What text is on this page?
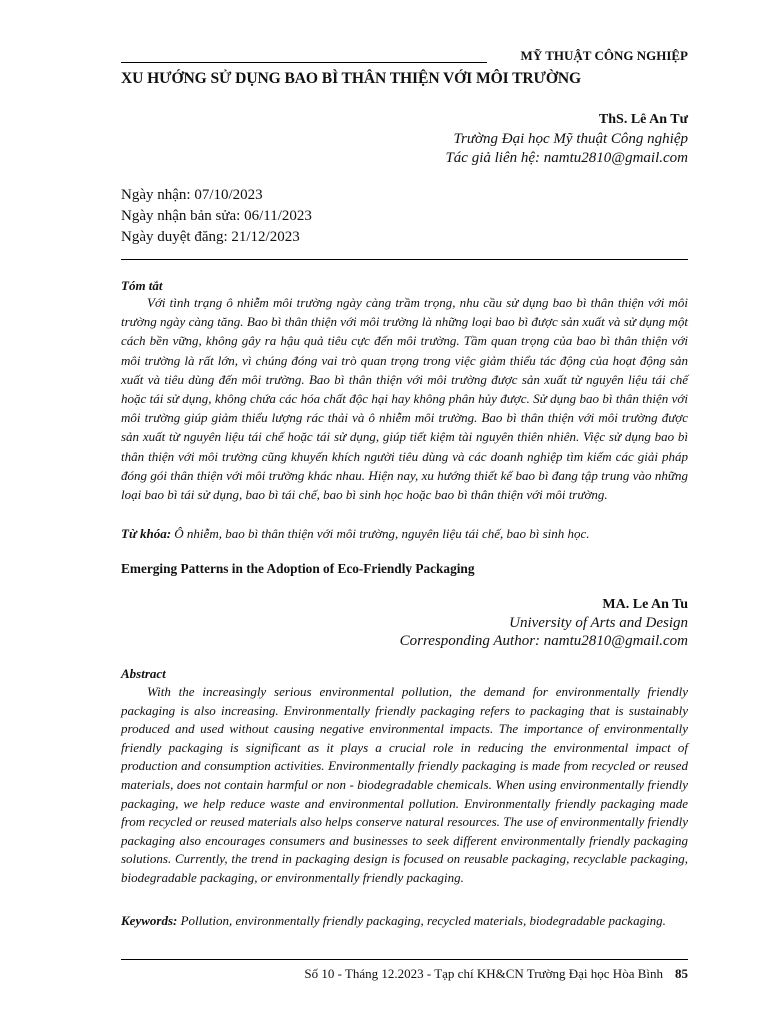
MỸ THUẬT CÔNG NGHIỆP
XU HƯỚNG SỬ DỤNG BAO BÌ THÂN THIỆN VỚI MÔI TRƯỜNG
ThS. Lê An Tư
Trường Đại học Mỹ thuật Công nghiệp
Tác giả liên hệ: namtu2810@gmail.com
Ngày nhận: 07/10/2023
Ngày nhận bản sửa: 06/11/2023
Ngày duyệt đăng: 21/12/2023
Tóm tắt
Với tình trạng ô nhiễm môi trường ngày càng trầm trọng, nhu cầu sử dụng bao bì thân thiện với môi trường ngày càng tăng. Bao bì thân thiện với môi trường là những loại bao bì được sản xuất và sử dụng một cách bền vững, không gây ra hậu quả tiêu cực đến môi trường. Tầm quan trọng của bao bì thân thiện với môi trường là rất lớn, vì chúng đóng vai trò quan trọng trong việc giảm thiểu tác động của hoạt động sản xuất và tiêu dùng đến môi trường. Bao bì thân thiện với môi trường được sản xuất từ nguyên liệu tái chế hoặc tái sử dụng, không chứa các hóa chất độc hại hay không phân hủy được. Sử dụng bao bì thân thiện với môi trường giúp giảm thiểu lượng rác thải và ô nhiễm môi trường. Bao bì thân thiện với môi trường được sản xuất từ nguyên liệu tái chế hoặc tái sử dụng, giúp tiết kiệm tài nguyên thiên nhiên. Việc sử dụng bao bì thân thiện với môi trường cũng khuyến khích người tiêu dùng và các doanh nghiệp tìm kiếm các giải pháp đóng gói thân thiện với môi trường khác nhau. Hiện nay, xu hướng thiết kế bao bì đang tập trung vào những loại bao bì tái sử dụng, bao bì tái chế, bao bì sinh học hoặc bao bì thân thiện với môi trường.
Từ khóa: Ô nhiễm, bao bì thân thiện với môi trường, nguyên liệu tái chế, bao bì sinh học.
Emerging Patterns in the Adoption of Eco-Friendly Packaging
MA. Le An Tu
University of Arts and Design
Corresponding Author: namtu2810@gmail.com
Abstract
With the increasingly serious environmental pollution, the demand for environmentally friendly packaging is also increasing. Environmentally friendly packaging refers to packaging that is sustainably produced and used without causing negative environmental impacts. The importance of environmentally friendly packaging is significant as it plays a crucial role in reducing the environmental impact of production and consumption activities. Environmentally friendly packaging is made from recycled or reused materials, does not contain harmful or non - biodegradable chemicals. When using environmentally friendly packaging, we help reduce waste and environmental pollution. Environmentally friendly packaging made from recycled or reused materials also helps conserve natural resources. The use of environmentally friendly packaging also encourages consumers and businesses to seek different environmentally friendly packaging solutions. Currently, the trend in packaging design is focused on reusable packaging, recyclable packaging, biodegradable packaging, or environmentally friendly packaging.
Keywords: Pollution, environmentally friendly packaging, recycled materials, biodegradable packaging.
Số 10 - Tháng 12.2023 - Tạp chí KH&CN Trường Đại học Hòa Bình 85
